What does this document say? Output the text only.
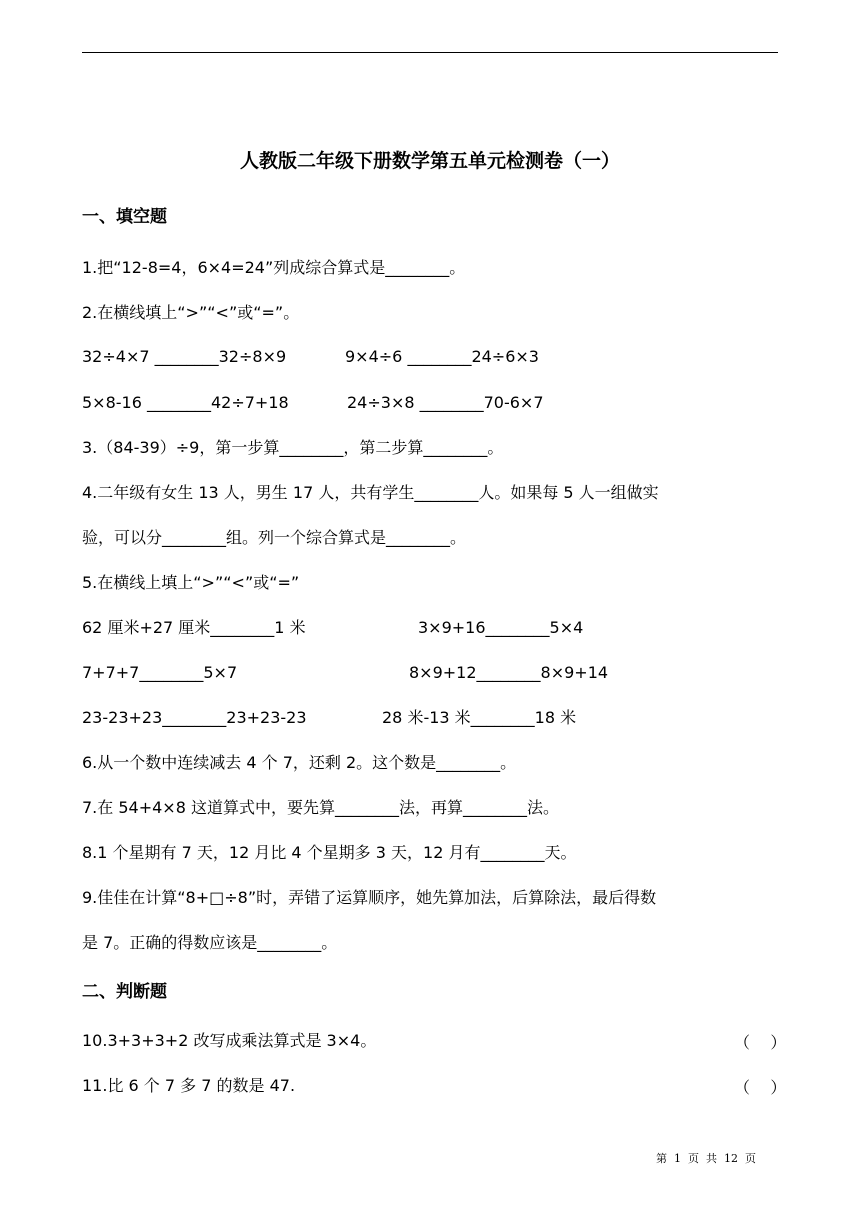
人教版二年级下册数学第五单元检测卷（一）
一、填空题
1.把“12-8=4，6×4=24”列成综合算式是________。
2.在横线填上“>”“<”或“=”。
32÷4×7 ________32÷8×9	9×4÷6 ________24÷6×3
5×8-16 ________42÷7+18	24÷3×8 ________70-6×7
3.（84-39）÷9，第一步算________，第二步算________。
4.二年级有女生 13 人，男生 17 人，共有学生________人。如果每 5 人一组做实
验，可以分________组。列一个综合算式是________。
5.在横线上填上“>”“<”或“=”
62 厘米+27 厘米________1 米	3×9+16________5×4
7+7+7________5×7	8×9+12________8×9+14
23-23+23________23+23-23	28 米-13 米________18 米
6.从一个数中连续减去 4 个 7，还剩 2。这个数是________。
7.在 54+4×8 这道算式中，要先算________法，再算________法。
8.1 个星期有 7 天，12 月比 4 个星期多 3 天，12 月有________天。
9.佳佳在计算“8+□÷8”时，弄错了运算顺序，她先算加法，后算除法，最后得数
是 7。正确的得数应该是________。
二、判断题
10.3+3+3+2 改写成乘法算式是 3×4。	（    ）
11.比 6 个 7 多 7 的数是 47.	（    ）
第  1  页  共  12  页
